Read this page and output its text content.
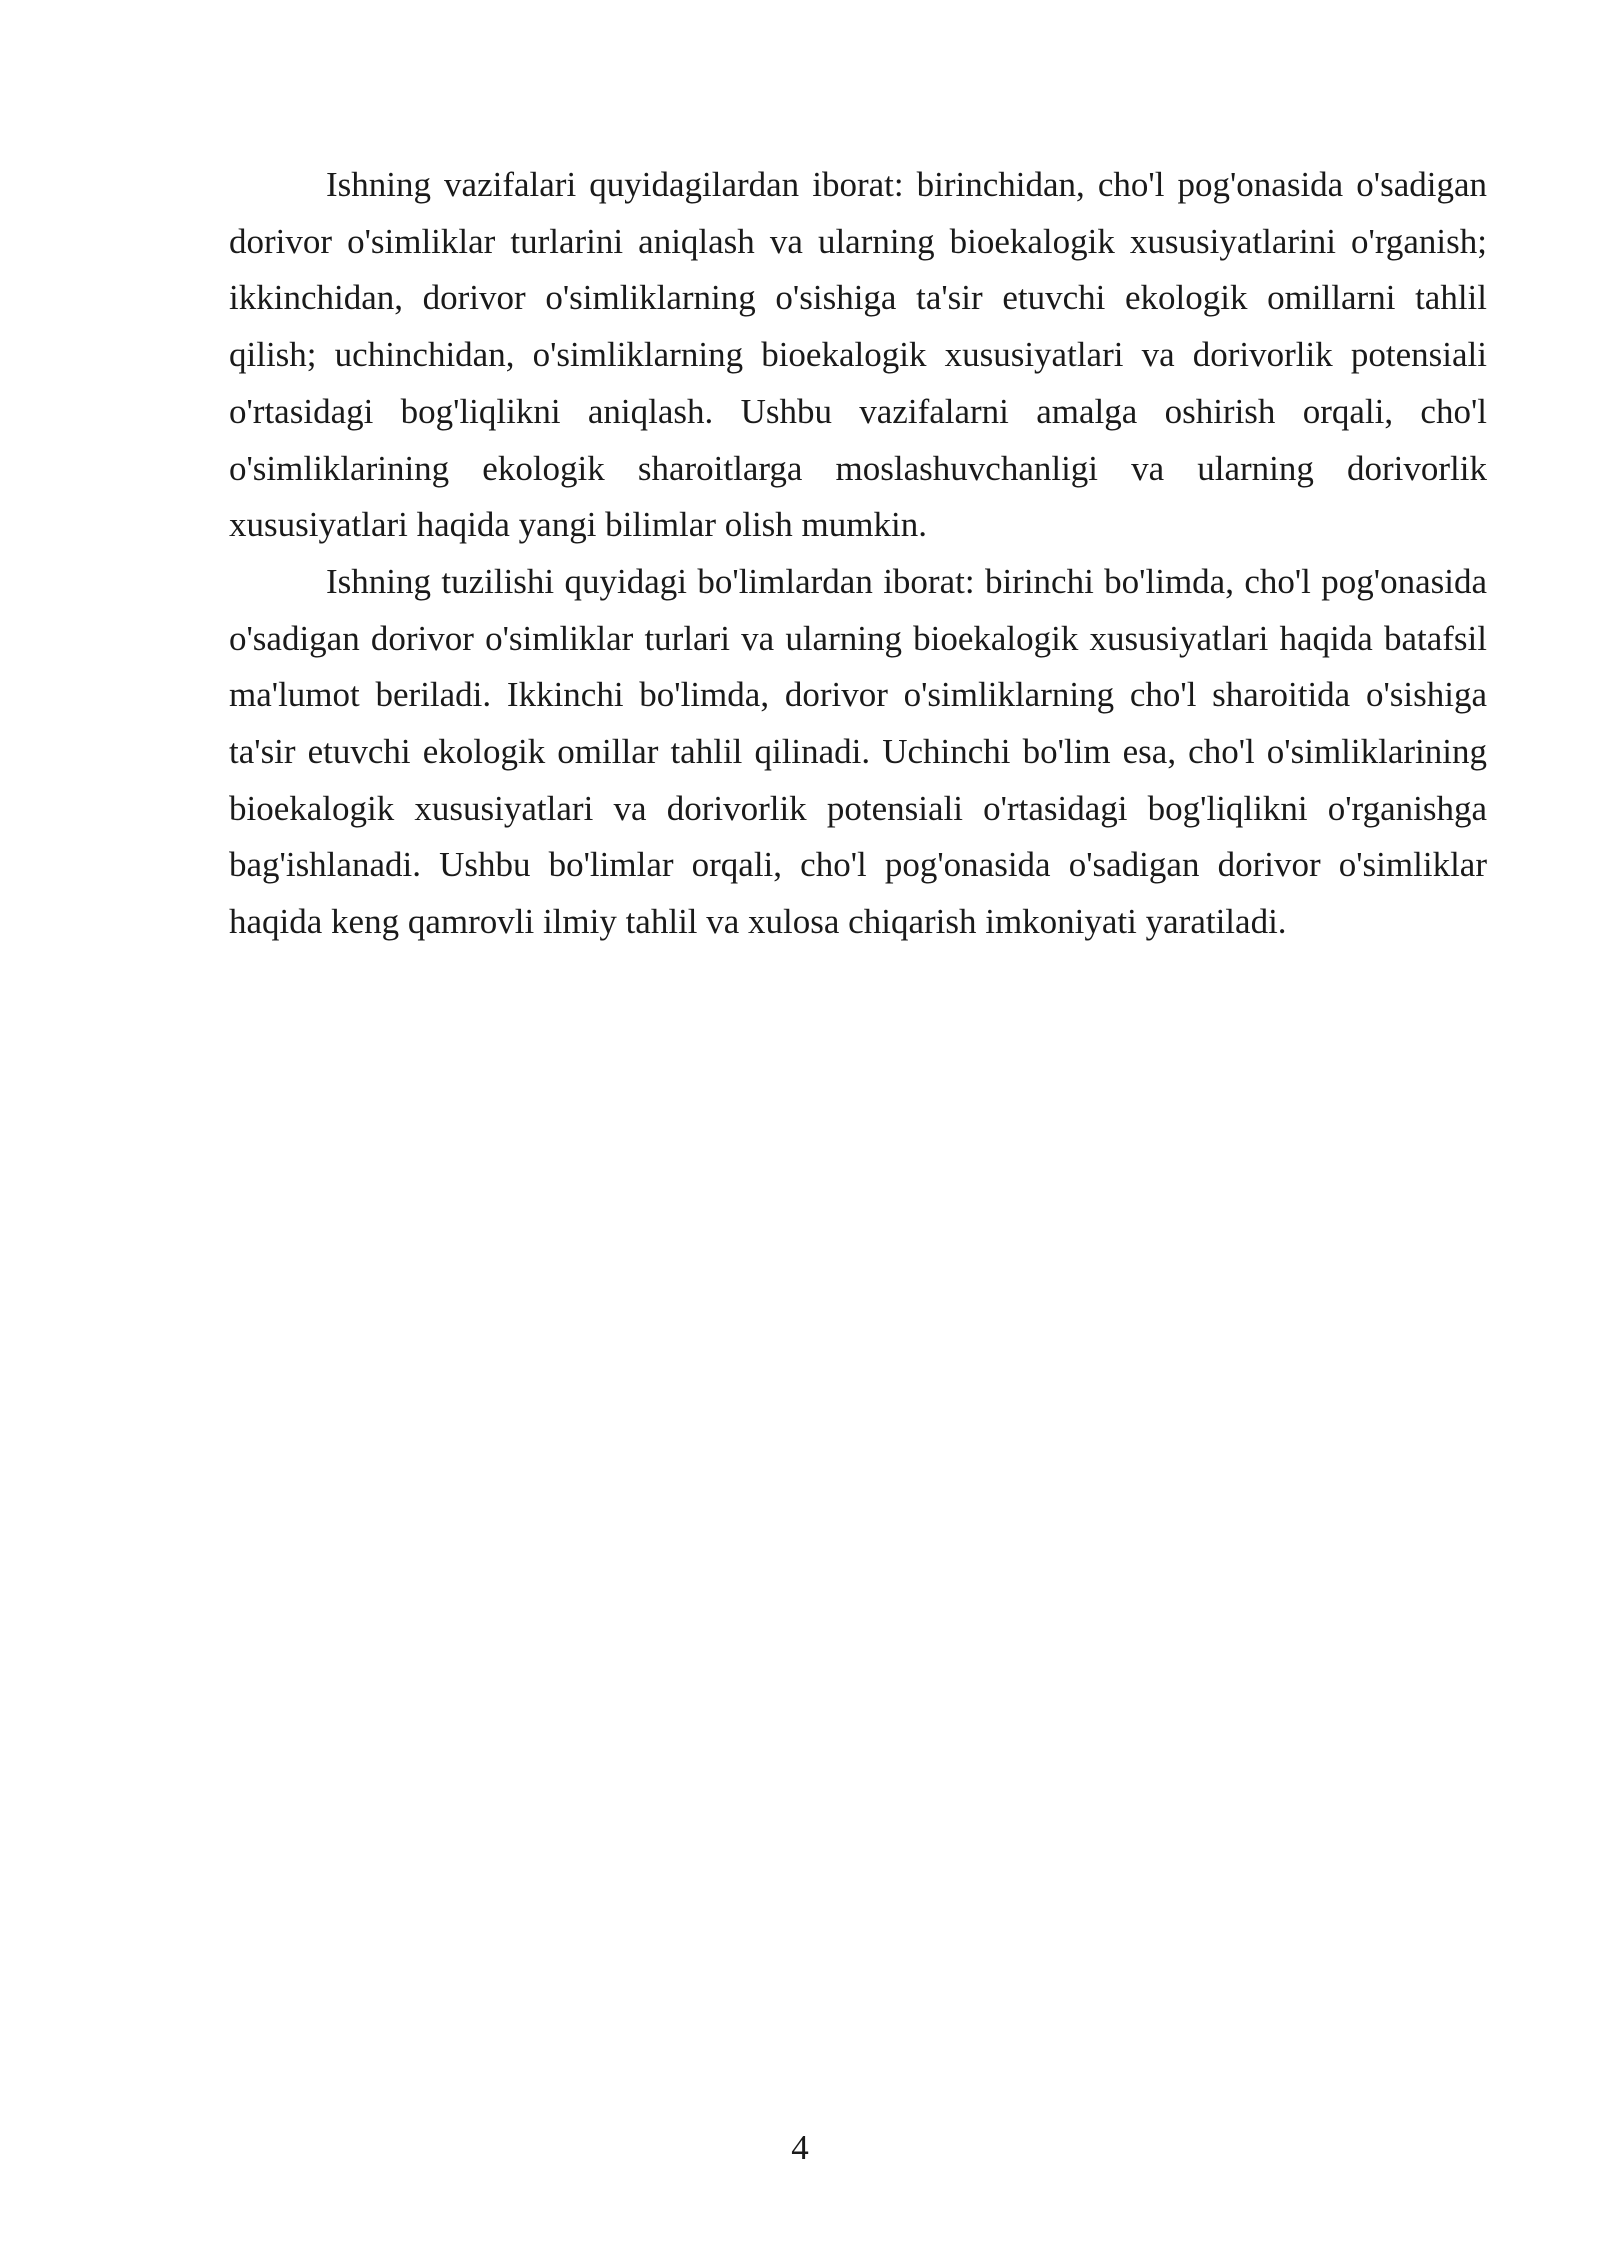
Ishning vazifalari quyidagilardan iborat: birinchidan, cho'l pog'onasida o'sadigan dorivor o'simliklar turlarini aniqlash va ularning bioekalogik xususiyatlarini o'rganish; ikkinchidan, dorivor o'simliklarning o'sishiga ta'sir etuvchi ekologik omillarni tahlil qilish; uchinchidan, o'simliklarning bioekalogik xususiyatlari va dorivorlik potensiali o'rtasidagi bog'liqlikni aniqlash. Ushbu vazifalarni amalga oshirish orqali, cho'l o'simliklarining ekologik sharoitlarga moslashuvchanligi va ularning dorivorlik xususiyatlari haqida yangi bilimlar olish mumkin.

Ishning tuzilishi quyidagi bo'limlardan iborat: birinchi bo'limda, cho'l pog'onasida o'sadigan dorivor o'simliklar turlari va ularning bioekalogik xususiyatlari haqida batafsil ma'lumot beriladi. Ikkinchi bo'limda, dorivor o'simliklarning cho'l sharoitida o'sishiga ta'sir etuvchi ekologik omillar tahlil qilinadi. Uchinchi bo'lim esa, cho'l o'simliklarining bioekalogik xususiyatlari va dorivorlik potensiali o'rtasidagi bog'liqlikni o'rganishga bag'ishlanadi. Ushbu bo'limlar orqali, cho'l pog'onasida o'sadigan dorivor o'simliklar haqida keng qamrovli ilmiy tahlil va xulosa chiqarish imkoniyati yaratiladi.

4
